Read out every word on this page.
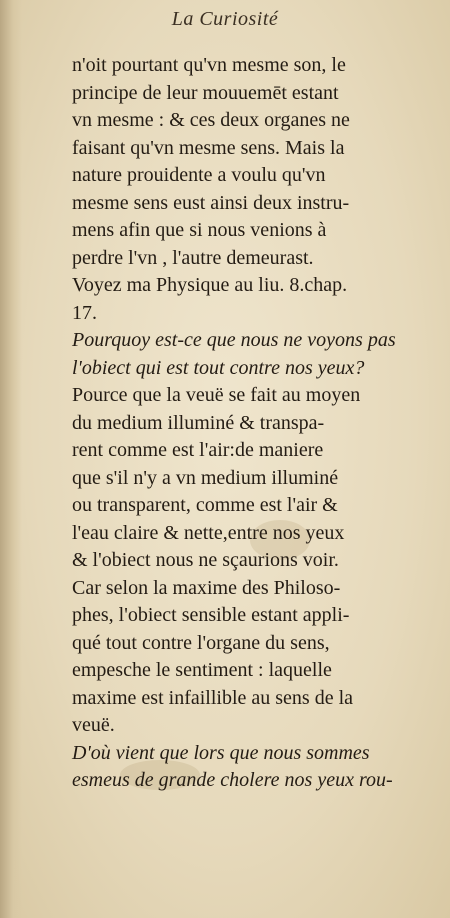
La Curiosité
n'oit pourtant qu'vn mesme son, le
principe de leur mouuemēt estant
vn mesme : & ces deux organes ne
faisant qu'vn mesme sens. Mais la
nature prouidente a voulu qu'vn
mesme sens eust ainsi deux instru-
mens afin que si nous venions à
perdre l'vn , l'autre demeurast.
Voyez ma Physique au liu. 8.chap.
17.
Pourquoy est-ce que nous ne voyons pas
l'obiect qui est tout contre nos yeux?
Pource que la veuë se fait au moyen
du medium illuminé & transpa-
rent comme est l'air:de maniere
que s'il n'y a vn medium illuminé
ou transparent, comme est l'air &
l'eau claire & nette,entre nos yeux
& l'obiect nous ne sçaurions voir.
Car selon la maxime des Philoso-
phes, l'obiect sensible estant appli-
qué tout contre l'organe du sens,
empesche le sentiment : laquelle
maxime est infaillible au sens de la
veuë.
D'où vient que lors que nous sommes
esmeus de grande cholere nos yeux rou-
